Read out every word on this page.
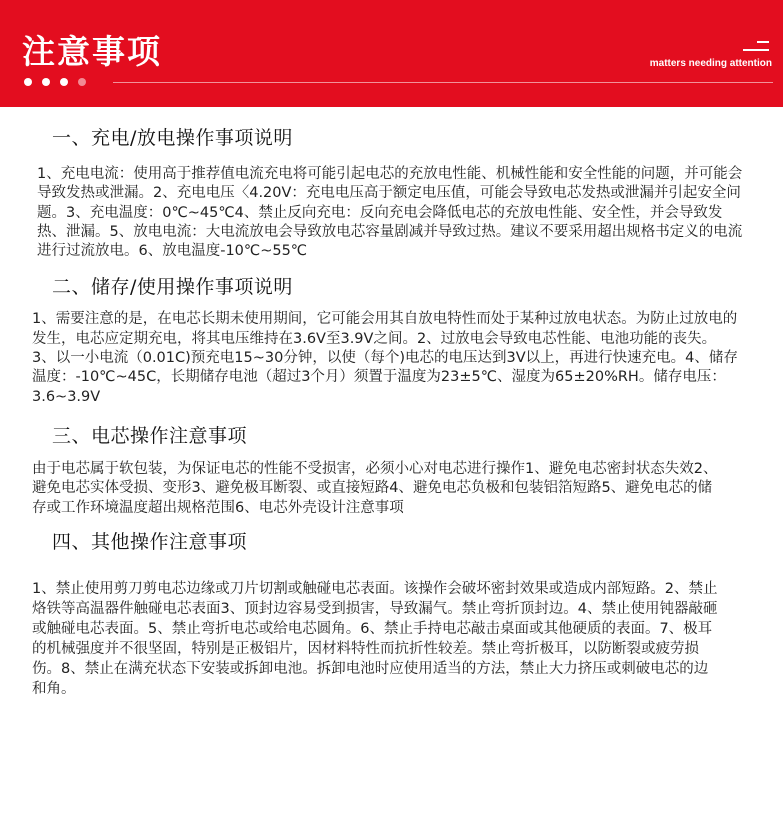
注意事项	matters needing attention
一、充电/放电操作事项说明

1、充电电流：使用高于推荐值电流充电将可能引起电芯的充放电性能、机械性能和安全性能的问题，并可能会导致发热或泄漏。2、充电电压〈4.20V：充电电压高于额定电压值，可能会导致电芯发热或泄漏并引起安全问题。3、充电温度：0℃~45℃4、禁止反向充电：反向充电会降低电芯的充放电性能、安全性，并会导致发热、泄漏。5、放电电流：大电流放电会导致放电芯容量剧减并导致过热。建议不要采用超出规格书定义的电流进行过流放电。6、放电温度-10℃~55℃

二、储存/使用操作事项说明

1、需要注意的是，在电芯长期未使用期间，它可能会用其自放电特性而处于某种过放电状态。为防止过放电的发生，电芯应定期充电，将其电压维持在3.6V至3.9V之间。2、过放电会导致电芯性能、电池功能的丧失。3、以一小电流（0.01C)预充电15~30分钟，以使（每个)电芯的电压达到3V以上，再进行快速充电。4、储存温度：-10℃~45C，长期储存电池（超过3个月）须置于温度为23±5℃、湿度为65±20%RH。储存电压：3.6~3.9V

三、电芯操作注意事项

由于电芯属于软包装，为保证电芯的性能不受损害，必须小心对电芯进行操作1、避免电芯密封状态失效2、避免电芯实体受损、变形3、避免极耳断裂、或直接短路4、避免电芯负极和包装铝箔短路5、避免电芯的储存或工作环境温度超出规格范围6、电芯外壳设计注意事项

四、其他操作注意事项

1、禁止使用剪刀剪电芯边缘或刀片切割或触碰电芯表面。该操作会破坏密封效果或造成内部短路。2、禁止烙铁等高温器件触碰电芯表面3、顶封边容易受到损害，导致漏气。禁止弯折顶封边。4、禁止使用钝器敲砸或触碰电芯表面。5、禁止弯折电芯或给电芯圆角。6、禁止手持电芯敲击桌面或其他硬质的表面。7、极耳的机械强度并不很坚固，特别是正极铝片，因材料特性而抗折性较差。禁止弯折极耳，以防断裂或疲劳损伤。8、禁止在满充状态下安装或拆卸电池。拆卸电池时应使用适当的方法，禁止大力挤压或刺破电芯的边和角。
